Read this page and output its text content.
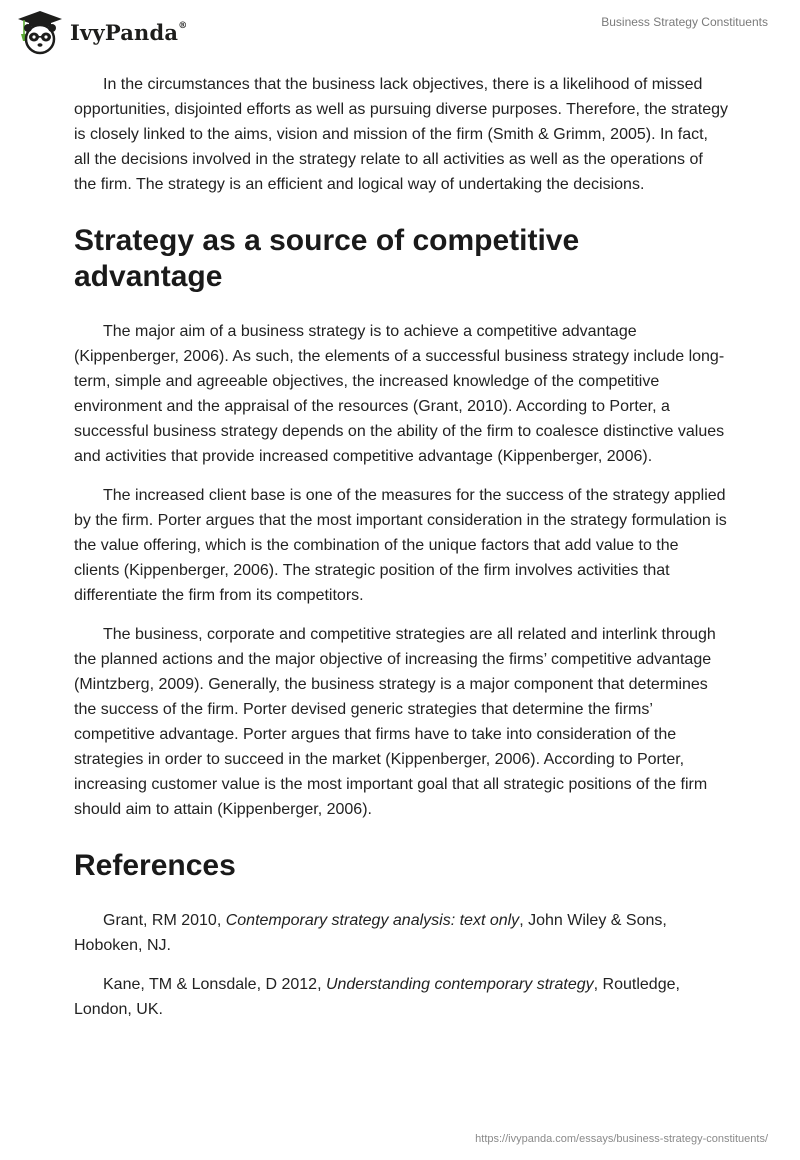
IvyPanda®	Business Strategy Constituents

In the circumstances that the business lack objectives, there is a likelihood of missed opportunities, disjointed efforts as well as pursuing diverse purposes. Therefore, the strategy is closely linked to the aims, vision and mission of the firm (Smith & Grimm, 2005). In fact, all the decisions involved in the strategy relate to all activities as well as the operations of the firm. The strategy is an efficient and logical way of undertaking the decisions.

Strategy as a source of competitive advantage

The major aim of a business strategy is to achieve a competitive advantage (Kippenberger, 2006). As such, the elements of a successful business strategy include long-term, simple and agreeable objectives, the increased knowledge of the competitive environment and the appraisal of the resources (Grant, 2010). According to Porter, a successful business strategy depends on the ability of the firm to coalesce distinctive values and activities that provide increased competitive advantage (Kippenberger, 2006).

The increased client base is one of the measures for the success of the strategy applied by the firm. Porter argues that the most important consideration in the strategy formulation is the value offering, which is the combination of the unique factors that add value to the clients (Kippenberger, 2006). The strategic position of the firm involves activities that differentiate the firm from its competitors.

The business, corporate and competitive strategies are all related and interlink through the planned actions and the major objective of increasing the firms’ competitive advantage (Mintzberg, 2009). Generally, the business strategy is a major component that determines the success of the firm. Porter devised generic strategies that determine the firms’ competitive advantage. Porter argues that firms have to take into consideration of the strategies in order to succeed in the market (Kippenberger, 2006). According to Porter, increasing customer value is the most important goal that all strategic positions of the firm should aim to attain (Kippenberger, 2006).

References

Grant, RM 2010, Contemporary strategy analysis: text only, John Wiley & Sons, Hoboken, NJ.

Kane, TM & Lonsdale, D 2012, Understanding contemporary strategy, Routledge, London, UK.

https://ivypanda.com/essays/business-strategy-constituents/
